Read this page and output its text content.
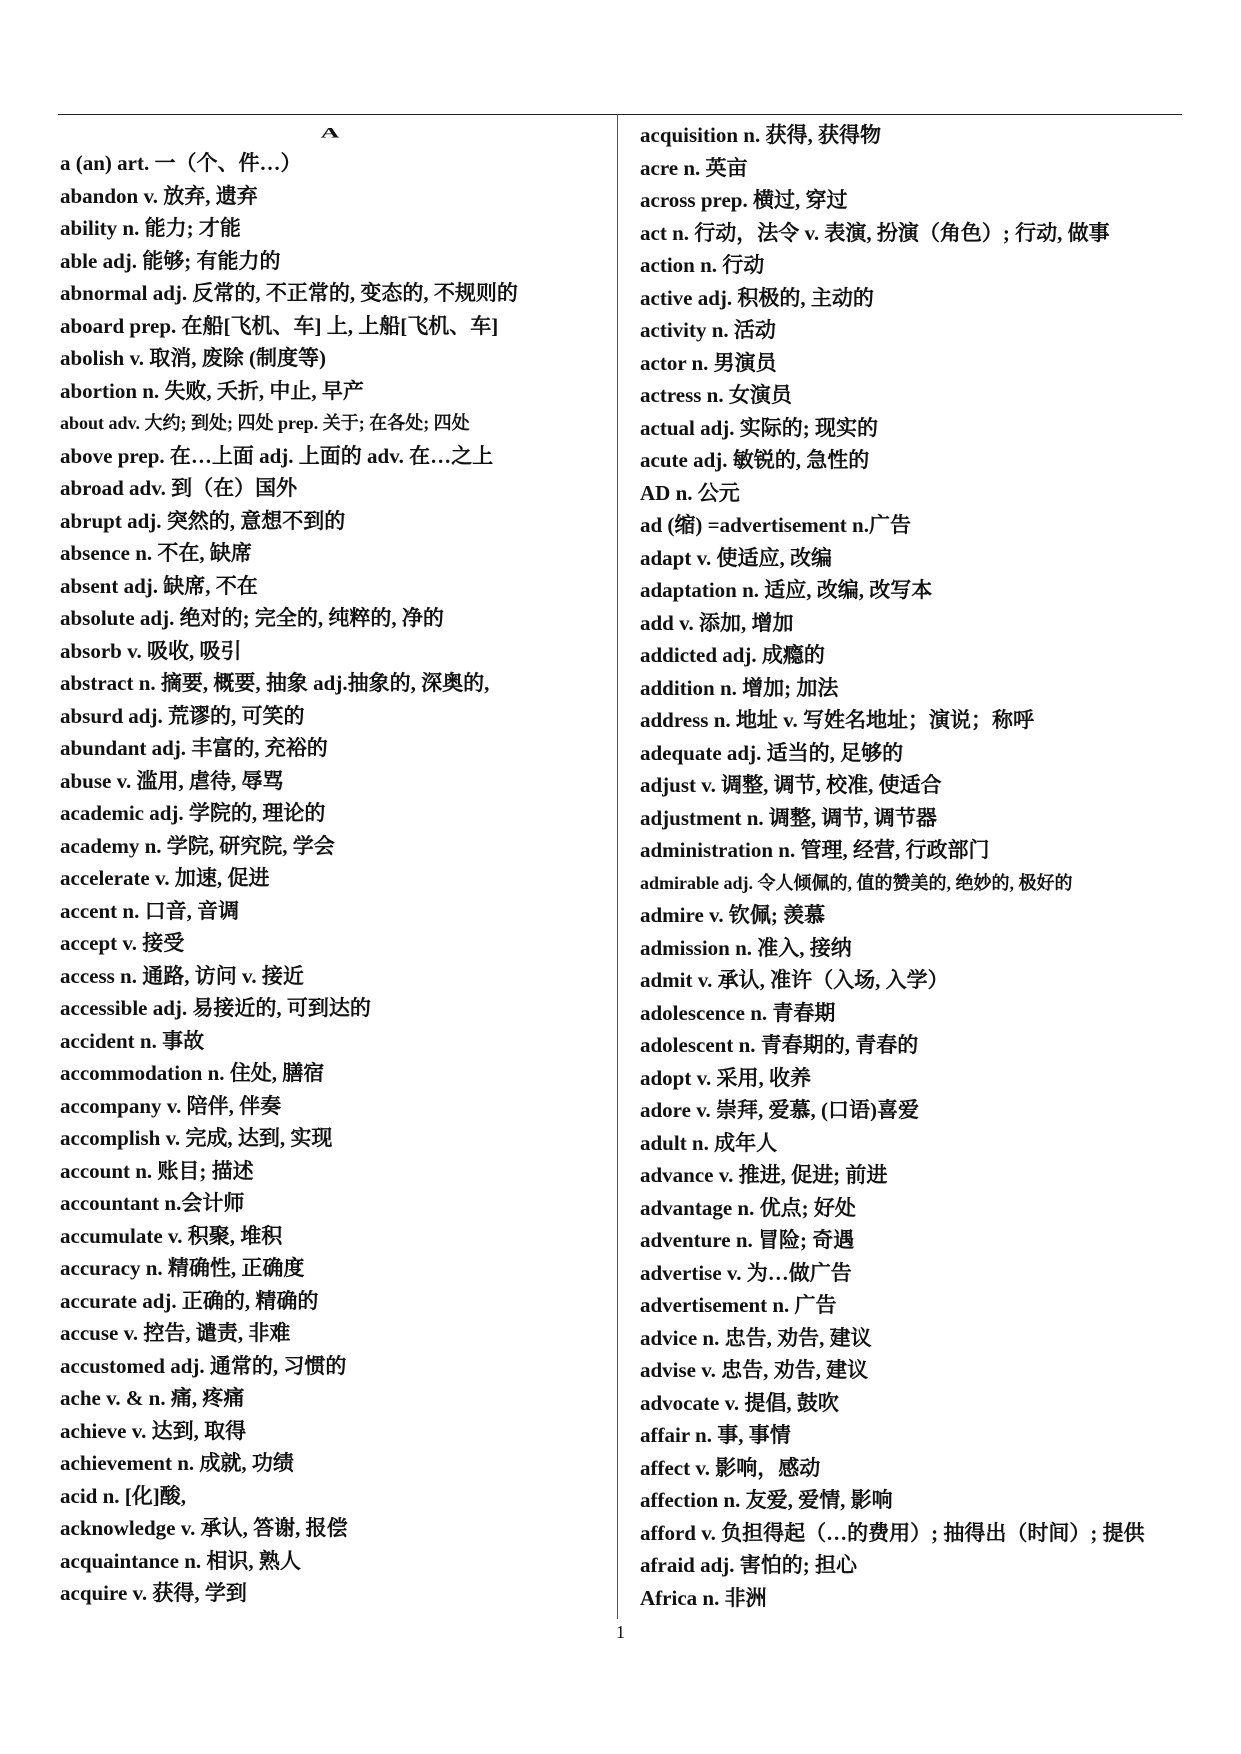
A
a (an) art. 一（个、件…）
abandon v. 放弃, 遗弃
ability n. 能力; 才能
able adj. 能够; 有能力的
abnormal adj. 反常的, 不正常的, 变态的, 不规则的
aboard prep. 在船[飞机、车] 上, 上船[飞机、车]
abolish v. 取消, 废除 (制度等)
abortion n. 失败, 夭折, 中止, 早产
about adv. 大约; 到处; 四处 prep. 关于; 在各处; 四处
above prep. 在…上面 adj. 上面的 adv. 在…之上
abroad adv. 到（在）国外
abrupt adj. 突然的, 意想不到的
absence n. 不在, 缺席
absent adj. 缺席, 不在
absolute adj. 绝对的; 完全的, 纯粹的, 净的
absorb v. 吸收, 吸引
abstract n. 摘要, 概要, 抽象 adj.抽象的, 深奥的,
absurd adj. 荒谬的, 可笑的
abundant adj. 丰富的, 充裕的
abuse v. 滥用, 虐待, 辱骂
academic adj. 学院的, 理论的
academy n. 学院, 研究院, 学会
accelerate v. 加速, 促进
accent n. 口音, 音调
accept v. 接受
access n. 通路, 访问 v. 接近
accessible adj. 易接近的, 可到达的
accident n. 事故
accommodation n. 住处, 膳宿
accompany v. 陪伴, 伴奏
accomplish v. 完成, 达到, 实现
account n. 账目; 描述
accountant n.会计师
accumulate v. 积聚, 堆积
accuracy n. 精确性, 正确度
accurate adj. 正确的, 精确的
accuse v. 控告, 谴责, 非难
accustomed adj. 通常的, 习惯的
ache v. & n. 痛, 疼痛
achieve v. 达到, 取得
achievement n. 成就, 功绩
acid n. [化]酸,
acknowledge v. 承认, 答谢, 报偿
acquaintance n. 相识, 熟人
acquire v. 获得, 学到
acquisition n. 获得, 获得物
acre n. 英亩
across prep. 横过, 穿过
act n. 行动，法令 v. 表演, 扮演（角色）; 行动, 做事
action n. 行动
active adj. 积极的, 主动的
activity n. 活动
actor n. 男演员
actress n. 女演员
actual adj. 实际的; 现实的
acute adj. 敏锐的, 急性的
AD n. 公元
ad (缩) =advertisement n.广告
adapt v. 使适应, 改编
adaptation n. 适应, 改编, 改写本
add v. 添加, 增加
addicted adj. 成瘾的
addition n. 增加; 加法
address n. 地址 v. 写姓名地址；演说；称呼
adequate adj. 适当的, 足够的
adjust v. 调整, 调节, 校准, 使适合
adjustment n. 调整, 调节, 调节器
administration n. 管理, 经营, 行政部门
admirable adj. 令人倾佩的, 值的赞美的, 绝妙的, 极好的
admire v. 钦佩; 羡慕
admission n. 准入, 接纳
admit v. 承认, 准许（入场, 入学）
adolescence n. 青春期
adolescent n. 青春期的, 青春的
adopt v. 采用, 收养
adore v. 崇拜, 爱慕, (口语)喜爱
adult n. 成年人
advance v. 推进, 促进; 前进
advantage n. 优点; 好处
adventure n. 冒险; 奇遇
advertise v. 为…做广告
advertisement n. 广告
advice n. 忠告, 劝告, 建议
advise v. 忠告, 劝告, 建议
advocate v. 提倡, 鼓吹
affair n. 事, 事情
affect v. 影响，感动
affection n. 友爱, 爱情, 影响
afford v. 负担得起（…的费用）; 抽得出（时间）; 提供
afraid adj. 害怕的; 担心
Africa n. 非洲
1
